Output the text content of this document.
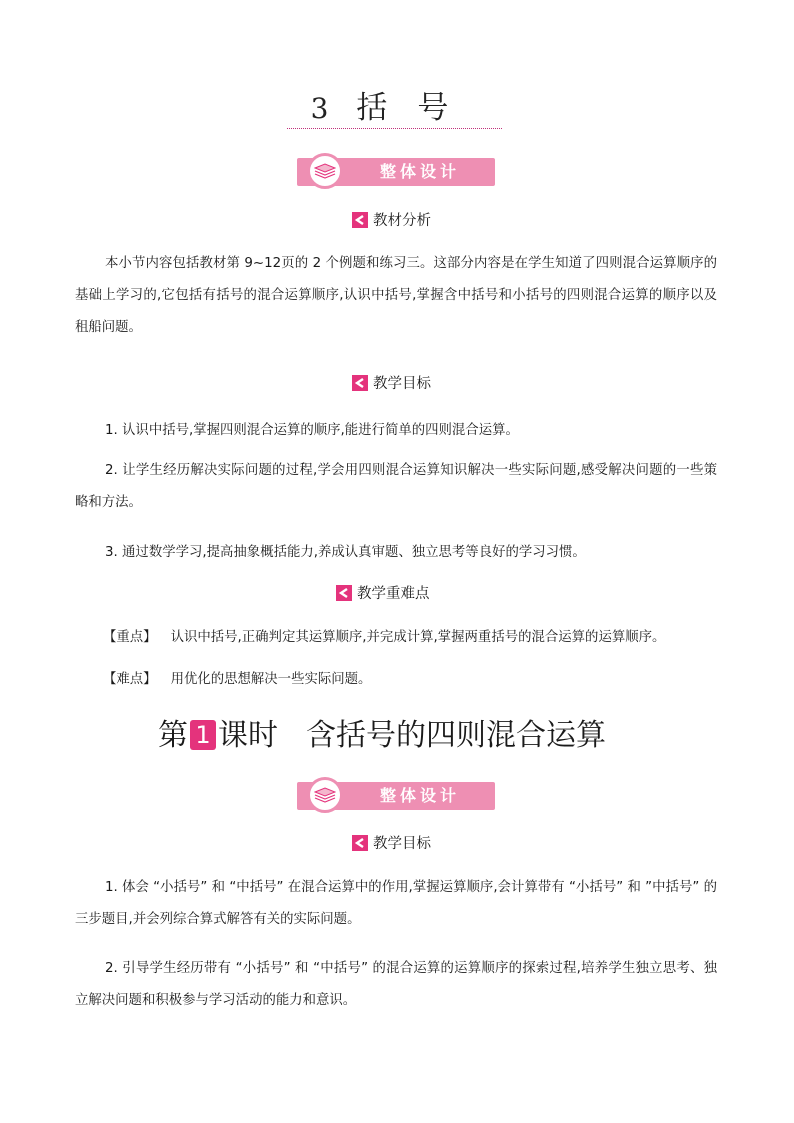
3 括号
整体设计
教材分析
本小节内容包括教材第 9~12页的 2 个例题和练习三。这部分内容是在学生知道了四则混合运算顺序的基础上学习的,它包括有括号的混合运算顺序,认识中括号,掌握含中括号和小括号的四则混合运算的顺序以及租船问题。
教学目标
1. 认识中括号,掌握四则混合运算的顺序,能进行简单的四则混合运算。
2. 让学生经历解决实际问题的过程,学会用四则混合运算知识解决一些实际问题,感受解决问题的一些策略和方法。
3. 通过数学学习,提高抽象概括能力,养成认真审题、独立思考等良好的学习习惯。
教学重难点
【重点】 认识中括号,正确判定其运算顺序,并完成计算,掌握两重括号的混合运算的运算顺序。
【难点】 用优化的思想解决一些实际问题。
第 1 课时 含括号的四则混合运算
整体设计
教学目标
1. 体会 “小括号” 和 “中括号” 在混合运算中的作用,掌握运算顺序,会计算带有 “小括号” 和 ”中括号” 的三步题目,并会列综合算式解答有关的实际问题。
2. 引导学生经历带有 “小括号” 和 “中括号” 的混合运算的运算顺序的探索过程,培养学生独立思考、独立解决问题和积极参与学习活动的能力和意识。
